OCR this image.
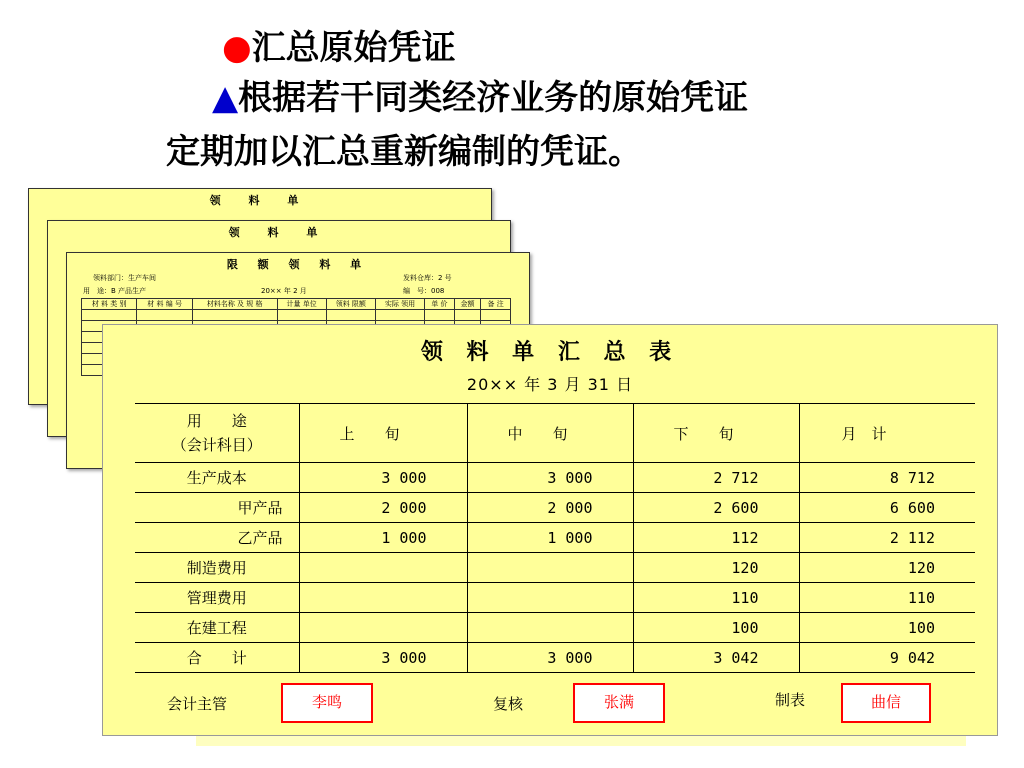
●汇总原始凭证
▲根据若干同类经济业务的原始凭证
定期加以汇总重新编制的凭证。
领 料 单
领 料 单
限 额 领 料 单
领料部门：生产车间	发料仓库：2 号
用　途：B 产品生产	20×× 年 2 月	编　号：008
材 料 类 别	材 料 编 号	材料名称 及 规 格	计量 单位	领料 限额	实际 领用	单 价	金额	备 注

领 料 单 汇 总 表
20×× 年 3 月 31 日
用　　途
（会计科目）	上　　旬	中　　旬	下　　旬	月　计
生产成本	3 000	3 000	2 712	8 712
甲产品	2 000	2 000	2 600	6 600
乙产品	1 000	1 000	112	2 112
制造费用			120	120
管理费用			110	110
在建工程			100	100
合　　计	3 000	3 000	3 042	9 042
会计主管	李鸣	复核	张满	制表	曲信
